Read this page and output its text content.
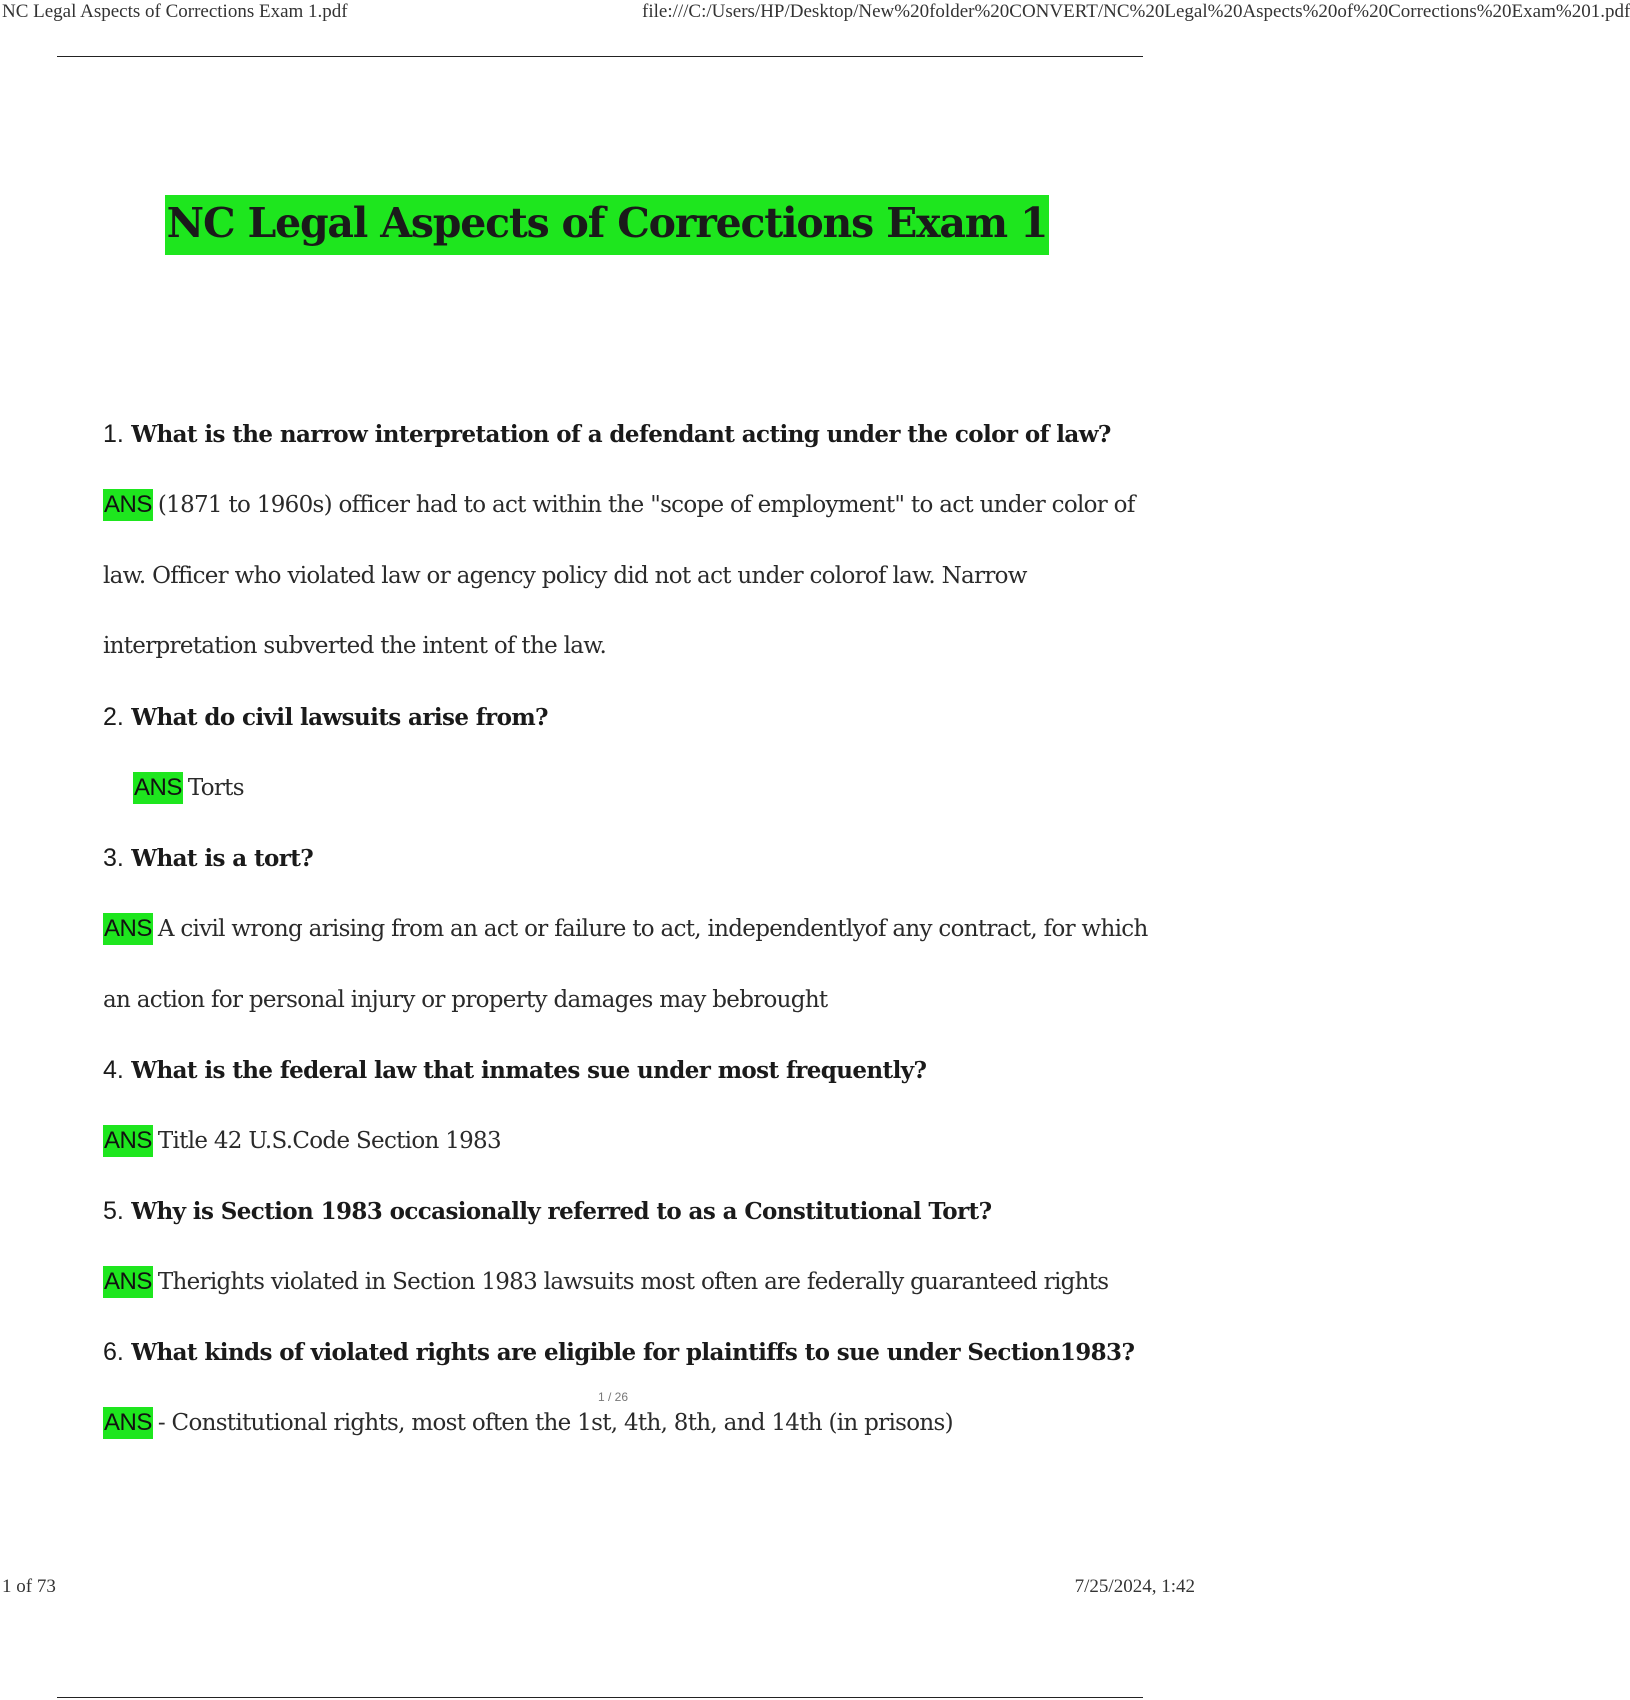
NC Legal Aspects of Corrections Exam 1.pdf	file:///C:/Users/HP/Desktop/New%20folder%20CONVERT/NC%20Legal%20Aspects%20of%20Corrections%20Exam%201.pdf
NC Legal Aspects of Corrections Exam 1
1. What is the narrow interpretation of a defendant acting under the color of law?
ANS (1871 to 1960s) officer had to act within the "scope of employment" to act under color of
law. Officer who violated law or agency policy did not act under colorof law. Narrow
interpretation subverted the intent of the law.
2. What do civil lawsuits arise from?
ANS Torts
3. What is a tort?
ANS A civil wrong arising from an act or failure to act, independentlyof any contract, for which
an action for personal injury or property damages may bebrought
4. What is the federal law that inmates sue under most frequently?
ANS Title 42 U.S.Code Section 1983
5. Why is Section 1983 occasionally referred to as a Constitutional Tort?
ANS Therights violated in Section 1983 lawsuits most often are federally guaranteed rights
6. What kinds of violated rights are eligible for plaintiffs to sue under Section1983?
ANS - Constitutional rights, most often the 1st, 4th, 8th, and 14th (in prisons)
1 / 26
1 of 73	7/25/2024, 1:42
